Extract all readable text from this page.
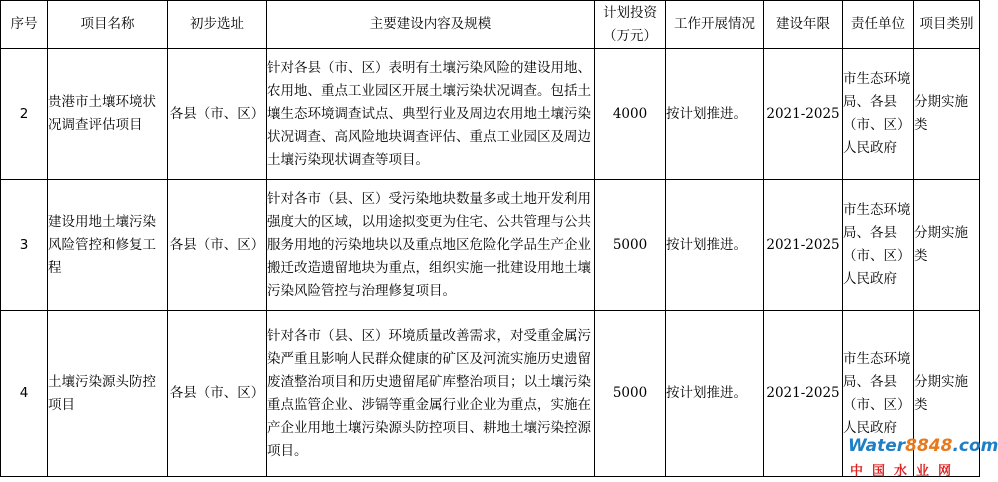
序号	项目名称	初步选址	主要建设内容及规模	计划投资（万元）	工作开展情况	建设年限	责任单位	项目类别
2	贵港市土壤环境状况调查评估项目	各县（市、区）	针对各县（市、区）表明有土壤污染风险的建设用地、农用地、重点工业园区开展土壤污染状况调查。包括土壤生态环境调查试点、典型行业及周边农用地土壤污染状况调查、高风险地块调查评估、重点工业园区及周边土壤污染现状调查等项目。	4000	按计划推进。	2021-2025	市生态环境局、各县（市、区）人民政府	分期实施类
3	建设用地土壤污染风险管控和修复工程	各县（市、区）	针对各市（县、区）受污染地块数量多或土地开发利用强度大的区域，以用途拟变更为住宅、公共管理与公共服务用地的污染地块以及重点地区危险化学品生产企业搬迁改造遗留地块为重点，组织实施一批建设用地土壤污染风险管控与治理修复项目。	5000	按计划推进。	2021-2025	市生态环境局、各县（市、区）人民政府	分期实施类
4	土壤污染源头防控项目	各县（市、区）	针对各市（县、区）环境质量改善需求，对受重金属污染严重且影响人民群众健康的矿区及河流实施历史遗留废渣整治项目和历史遗留尾矿库整治项目；以土壤污染重点监管企业、涉镉等重金属行业企业为重点，实施在产企业用地土壤污染源头防控项目、耕地土壤污染控源项目。	5000	按计划推进。	2021-2025	市生态环境局、各县（市、区）人民政府	分期实施类
Water8848.com
中国水业网
